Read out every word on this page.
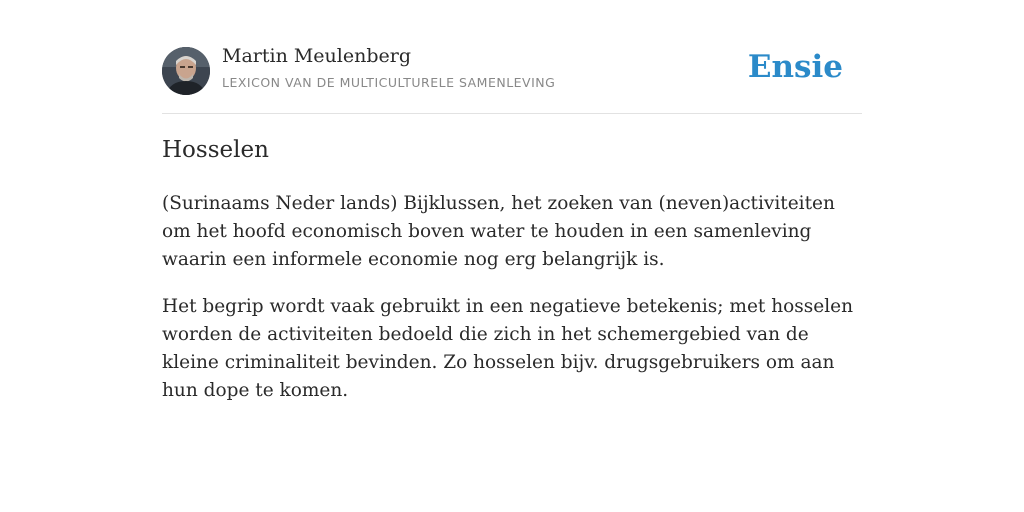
Martin Meulenberg
LEXICON VAN DE MULTICULTURELE SAMENLEVING	Ensie
Hosselen

(Surinaams Neder lands) Bijklussen, het zoeken van (neven)activiteiten om het hoofd economisch boven water te houden in een samenleving waarin een informele economie nog erg belangrijk is.

Het begrip wordt vaak gebruikt in een negatieve betekenis; met hosselen worden de activiteiten bedoeld die zich in het schemergebied van de kleine criminaliteit bevinden. Zo hosselen bijv. drugsgebruikers om aan hun dope te komen.
